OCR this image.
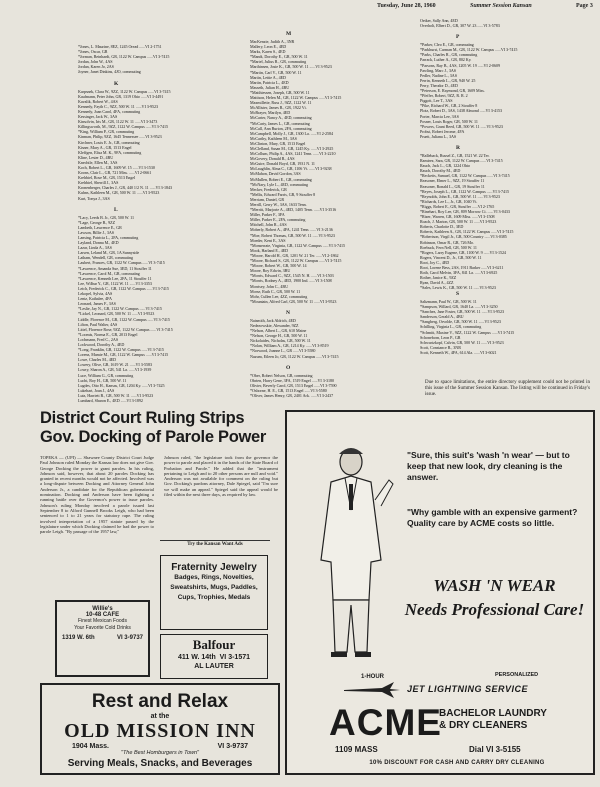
Tuesday, June 28, 1960	Summer Session Kansan	Page 3
*Jones, L. Maurine, 8EZ, 1245 Oread ......VI 2-1751
*Jones, Oscar, GR
*Jorman, Reinhardt, GR, 1122 W. Campus ......VI 3-7415
Jordan, John W., 4AS
Jordan, Karen Jo, 2AS
Joyner, Janet Dinkins, 4JO, commuting
K
Karpsnek, Clara W., 9ZZ, 1122 W. Campus ......VI 3-7415
Kaufmann, Peter John, GR, 1319 Ohio ......VI 3-4491
Kavalik, Robert W., 4AS
Kennedy, Fayth C., 9ZZ, 500 W. 11 ......VI 3-9523
Kennedy, Joan Carol, 4FA, commuting
Kessinger, Jack W., 3AS
Kinsolvin, Iris M., GR, 1122 W. 11 ......VI 3-3473
Killingsworth, M., 9ZZ, 1122 W. Campus ......VI 3-7415
*King, William P., GR, commuting
Kinman, Philip, 9ZZ, 1645 Tennessee ......VI 3-9523
Kirchner, Louis E. Jr., GR, commuting
Kisner, Mary A., GR, 1513 Engel
Kleffgen, Elisa M. K., 9FA, commuting
Kline, Lester D., 4BU
Knechtle, Ellen M., 3AS
Koch, Robert L., GR, 1609 W. 15 ......VI 3-1530
Koons, Clair L., GR, 721 Miss. ......VI 2-0661
Krehbiel, Rose M., GR, 1513 Engel
Krehbiel, Sherrill J., 3AS
Kronenberger, Charles J., GR, 440 1/2 N. 11 ......VI 3-1843
Kuhns, Kathleen M., GR, 500 W. 11 ......VI 3-9523
Kurt, Tonya J., 3AS
L
*Lacy, Leeds B. Jr., GR, 500 W. 11
*Lage, George B., 9ZZ
Lambeth, Lawrence E., GR
Lawson, Billie J., 3AS
Lansing, Patricia L., 2FA, commuting
Layland, Donna M., 4ED
Lazar, Linda A., 3AS
Larsen, Leland M., GR, 1A Sunnyside
Latham, Wendell, GR, commuting
Laubert, Frances, GR, 1122 W. Campus ......VI 3-7415
*Lawrence, Amanda Sue, 3ED, 11 Stouffer 11
*Lawrence, Carol M., GR, commuting
*Lawrence, Kenneth Lee, 2FA, 11 Stouffer 11
Lee, Wilbur Y., GR, 1122 W. 11 ......VI 3-3353
Leich, Frederick C., GR, 1122 W. Campus ......VI 3-7415
Lekopel, Sylvia, 4AS
Lentz, Kathalee, 4FA
Leonard, James F., 3AS
*Leslie, Jay N., GR, 1122 W. Campus ......VI 3-7415
*Lickel, Leonard, GR, 500 W. 11 ......VI 3-9523
Liddle, Florence M., GR, 1122 W. Campus ......VI 3-7415
Lifton, Paul Walter, 4AS
Littel, Florence Rose, 9ZZ, 1122 W. Campus ......VI 3-7415
*Loomis, Norma E., GR, 2013 Engel
Lochmann, Fred C., 2AS
Lockwood, Dorothy A., 4ED
*Long, Franklin, GR, 1122 W. Campus ......VI 3-7415
Lorenz, Mamie M., GR, 1122 W. Campus ......VI 3-7415
Lowe, Charles M., 4ED
Lowery, Olive, GR, 1619 W. 21 ......VI 3-5583
Lowry, Sharon A., GR, 541 La. ......VI 3-1939
Luce, William G., GR, commuting
Lucht, Roy H., GR, 500 W. 11
Lugdes, Otto H., Kansas, GR, 1204 Ky. ......VI 3-7425
Lukehart, Joan J., 4AS
Lutz, Harriett B., GR, 500 W. 11 ......VI 3-9523
Lumbard, Sharon E., 4ED ......VI 3-1892
M
MacKenzie, Judith A., 3NR
Mallery, Leon E., 4ED
Marks, Karen S., 4ED
*Mandt, Dorothy E., GR, 500 W. 11
*Martel, Julius R., GR, commuting
Marthinsen, Josie K., GR, 500 W. 11 ......VI 3-9523
*Martin, Carl V., GR, 500 W. 11
Martin, Lettie A., 4ED
Martin, Patricia L., 4ED
Masseth, Julian H., 4BU
*Matthiessen, Joseph, GR, 500 W. 11
Mattison, Helen M., GR, 1122 W. Campus ......VI 3-7415
Maxmillette, Russ J., 9ZZ, 1122 W. 11
McAllister, James R., GR, 1922 Vt.
McBrayer, Marilyn, 4ED
McCarter, Nancy A., 4ED, commuting
*McCarty, James L., GR, commuting
McCall, Ann Burton, 2FA, commuting
McCampbell, Molly J., GR, 1300 La. ......VI 2-2584
McCarthy, Kathleen M., 3AS
McClinton, Mary, GR, 1513 Engel
McClelland, Susan M., GR, 1245 Ky. ......VI 3-2925
McCollum, Philip A., 4AS, 1241 Tenn. ......VI 3-2210
McGovery, Donald R., 4AS
McGuire, Donald Boyd, GR, 1931 N. 11
McLaughlin, Alma C., GR, 1106 Vt. ......VI 3-9238
McMahon, David Gordon, 3AS
McMullen, Robert E., GR, commuting
*McNary, Lyle L., 4ED, commuting
Mecker, Frederick, GR
*Mellis, Edward Farris, GR, 9 Stouffer 8
Merriam, Daniel, GR
Merrill, Gerry W., 3AS, 1633 Tenn.
*Merritt, Marjorie A., 4ED, 1405 Tenn. ......VI 3-3516
Miller, Parker F., 3FA
Miller, Parker E., 2FA, commuting
Mitchell, John R., 4AS
Moberly, Robert A., 4FA, 1241 Tenn. ......VI 3-2136
*Moe, Robert Thomas, GR, 500 W. 11 ......VI 3-9523
Moeder, Kent E., 3AS
*Monserrate, Virginia, GR, 1122 W. Campus ......VI 3-7415
Mook, Harland E., 4ED
*Moore, Harold H., GR, 1201 W. 21 Ter. ......VI 2-1862
*Moore, Richard S., GR, 1122 W. Campus ......VI 3-7415
*Moore, Robert W., GR, 500 W. 14
Moore, Roy Edwin, 3BU
*Morris, Edward C., 9ZZ, 1545 N. H. ......VI 3-1503
*Morris, Rodney A., 4ED, 1900 Ind. ......VI 3-1508
Morrisey, John C., 4BU
Morse, Ruth C., GR, 500 W. 11
Mohr, Cullen Lee, 4ZZ, commuting
*Mountain, Alfred Carl, GR, 500 W. 11 ......VI 3-9523
N
Naismith, Jack Aldrich, 4ED
Nedezowskie, Alexander, 9ZZ
*Nelson, Albert L., GR, 610 Maine
*Nelson, George H., GR, 500 W. 11
Nickolaides, Nicholas, GR, 500 W. 11
*Nolan, William A., GR, 1214 Ky. ......VI 3-8519
*Norwood, Joanne L., GR ......VI 3-5580
Nuzum, Eileen Jo, GR, 1122 W. Campus ......VI 3-7415
O
*Ober, Robert Nelson, GR, commuting
Obrien, Harry Gene, 3FA, 1519 Engel ......VI 3-3180
Olivier, Beverly Carol, GR, 1513 Engel ......VI 3-7590
*Osborne, H. E., GR, 1513 Engel ......VI 3-5580
*Oliver, James Henry, GR, 2401 Ark. ......VI 3-2437
Oetker, Sally Ann, 4ED
Overholt, Elbert D., GR, 307 W. 23 ......VI 3-5783
P
*Parker, Cleo E., GR, commuting
*Parkhurst, Carman M., GR, 1122 W. Campus ......VI 3-7415
*Parks, Charles R., GR, commuting
Parrack, Luther A., GR, 802 Ky.
*Parsons, Ray B., 4AS, 1205 W. 19 ......VI 2-0609
Pawling, Marc J., 3AS
Pedler, Nadine L., 3AS
Perrin, Kenneth L., GR, 940 W. 25
Perry, Theodor D., 4ED
*Peterson, E. Raymond, GR, 1609 Miss.
*Pfeffer, Robert, 9ZZ, R. R. 2
Piggott, Lee T., 3AS
*Pike, Richard W., GR, 2 Stouffer 8
Plotz, Robert D., 3AS, 1438 Almond ......VI 3-4153
Porter, Marcia Lee, 3AS
Posner, Louis Roger, GR, 500 W. 11
*Powers, Grant Reed, GR, 500 W. 11 ......VI 3-9523
Probst, Robert Jerome, 4FA
Pruett, Juliana L., 3AS
R
*Ralleback, Russel Z., GR, 1521 W. 22 Ter.
Ramirez, Sara, GR, 1122 W. Campus ......VI 3-7415
Rauch, Jack L., GR, 1224 Ohio
Rauch, Dorothy M., 4ED
*Recketts, Samuel, GR, 1122 W. Campus ......VI 3-7415
Reasoner, Elmer L., 9ZZ, 19 Stouffer 11
Reasoner, Ronald L., GR, 19 Stouffer 11
*Reyes, Joseph L., GR, 1122 W. Campus ......VI 3-7415
*Reynolds, John E., GR, 500 W. 11 ......VI 3-9523
*Richards, Lee L., Jr., GR, 1040 Vt.
*Riggs, Robert E., GR, Stouffer ......VI 2-1765
*Rinehart, Roy Lee, GR, 809 Morrow Ct. ......VI 3-0433
*Rizer, Warren, GR, 1609 Miss. ......VI 3-1508
Roach, J. Marion, GR, 500 W. 11 ......VI 3-9523
Roberts, Charlotte D., 3ED
Roberts, Kathleen A., GR, 1122 W. Campus ......VI 3-7415
*Robertson, Virgil Jr., GR, 500 Country ......VI 3-0385
Robinson, Omar R., GR, 726 Mo.
Roebuck, Fern Nell, GR, 500 W. 11
*Rogers, Larry Eugene, GR, 1100 W. 9 ......VI 3-1524
Rogers, Vincent D., Jr., GR, 500 W. 11
Root, Joy C., 4ED
Root, Lorene Bess, 2AS, 1911 Barker ......VI 3-6211
Roth, Carol Melvin, 3FA, 841 La. ......VI 3-6925
Rother, Janice K., 9ZZ
Ryan, David A., 4ZZ
*Sales, Lewis K., GR, 500 W. 11 ......VI 3-9523
S
Saltzmann, Paul W., GR, 500 W. 11
*Sampson, Willard, GR, 1640 La. ......VI 3-3250
*Sanchez, Jane Foster, GR, 500 W. 11 ......VI 3-9523
Sanderson, Gerald A., 4BU
*Sangberg, Orvolde, GR, 500 W. 11 ......VI 3-9523
Schilling, Virginia L., GR, commuting
*Schmitt, Maxine V., 9ZZ, 1122 W. Campus ......VI 3-7415
Schoneborn, Leon P., GR
Schwartzkopf, Calvin, GR, 500 W. 11 ......VI 3-9523
Scott, Constance R., 3NR
Scott, Kenneth W., 4FA, 614 Ala. ......VI 3-6021
Due to space limitations, the entire directory supplement could not be printed in this issue of the Summer Session Kansan. The listing will be continued in Friday's issue.
District Court Ruling Strips
Gov. Docking of Parole Power
TOPEKA — (UPI) — Shawnee County District Court Judge Paul Johnson ruled Monday the Kansas law does not give Gov. George Docking the power to grant paroles. In his ruling, Johnson said, however, that about 20 paroles Docking has granted in recent months would not be affected. Involved was a long-dispute between Docking and Attorney General John Anderson Jr., a candidate for the Republican gubernatorial nomination. Docking and Anderson have been fighting a running battle over the Governor's power to issue paroles. Johnson's ruling Monday involved a parole issued last September 8 to Alford Gunnell Brooks Leigh, who had been sentenced to 1 to 21 years for statutory rape. The ruling involved interpretation of a 1957 statute passed by the legislature under which Docking claimed he had the power to parole Leigh. "By passage of the 1957 law,"
Johnson ruled, "the legislature took from the governor the power to parole and placed it in the hands of the State Board of Probation and Parole." He added that the "instrument pertaining to Leigh and to 20 other persons are null and void." Anderson was not available for comment on the ruling but Gov. Docking's pardons attorney, Dale Spiegel, said "I'm sure we will make an appeal." Spiegel said the appeal would be filed within the next three days, as required by law.
Try the Kansan Want Ads
Fraternity Jewelry
Badges, Rings, Novelties,
Sweatshirts, Mugs, Paddles,
Cups, Trophies, Medals
Balfour
411 W. 14th VI 3-1571
AL LAUTER
Willie's
10-48 CAFE
Finest Mexican Foods
Your Favorite Cold Drinks
1319 W. 6th	VI 3-9737
Rest and Relax
at the
OLD MISSION INN
1904 Mass.	VI 3-9737
"The Best Homburgers in Town"
Serving Meals, Snacks, and Beverages
"Sure, this suit's 'wash 'n wear' — but to keep that new look, dry cleaning is the answer.
"Why gamble with an expensive garment? Quality care by ACME costs so little.
WASH 'N WEAR
Needs Professional Care!
1-HOUR	PERSONALIZED
JET LIGHTNING SERVICE
ACME
1109 MASS
BACHELOR LAUNDRY
& DRY CLEANERS
Dial VI 3-5155
10% DISCOUNT FOR CASH AND CARRY DRY CLEANING
